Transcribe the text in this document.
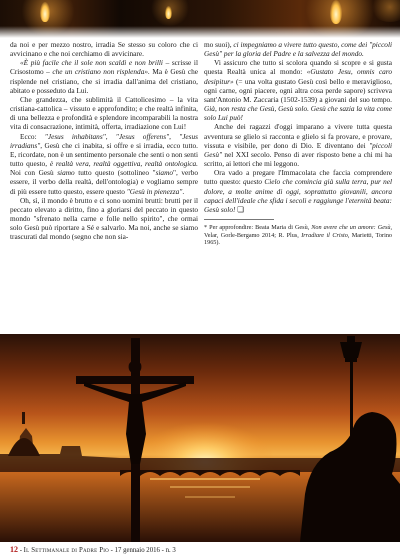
da noi e per mezzo nostro, irradia Se stesso su coloro che ci avvicinano e che noi cerchiamo di avvicinare.

«È più facile che il sole non scaldi e non brilli – scrisse il Crisostomo – che un cristiano non risplenda». Ma è Gesù che risplende nel cristiano, che si irradia dall'anima del cristiano, abitato e posseduto da Lui.

Che grandezza, che sublimità il Cattolicesimo – la vita cristiana-cattolica – vissuto e approfondito; e che realtà infinita, di una bellezza e profondità e splendore incomparabili la nostra vita di consacrazione, intimità, offerta, irradiazione con Lui!

Ecco: "Jesus inhabitans", "Jesus offerens", "Jesus irradians", Gesù che ci inabita, si offre e si irradia, ecco tutto. E, ricordate, non è un sentimento personale che senti o non senti tutto questo, è realtà vera, realtà oggettiva, realtà ontologica. Noi con Gesù siamo tutto questo (sottolineo "siamo", verbo essere, il verbo della realtà, dell'ontologia) e vogliamo sempre di più essere tutto questo, essere questo "Gesù in pienezza".

Oh, sì, il mondo è brutto e ci sono uomini brutti: brutti per il peccato elevato a diritto, fino a gloriarsi del peccato in questo mondo "sfrenato nella carne e folle nello spirito", che ormai solo Gesù può riportare a Sé e salvarlo. Ma noi, anche se siamo trascurati dal mondo (segno che non sia-

mo suoi), ci impegniamo a vivere tutto questo, come dei "piccoli Gesù" per la gloria del Padre e la salvezza del mondo.

Vi assicuro che tutto si scolora quando si scopre e si gusta questa Realtà unica al mondo: «Gustato Jesu, omnis caro desipitur» (= una volta gustato Gesù così bello e meraviglioso, ogni carne, ogni piacere, ogni altra cosa perde sapore) scriveva sant'Antonio M. Zaccaria (1502-1539) a giovani del suo tempo. Già, non resta che Gesù, Gesù solo. Gesù che sazia la vita come solo Lui può!

Anche dei ragazzi d'oggi imparano a vivere tutta questa avventura se glielo si racconta e glielo si fa provare, e provare, vissuta e visibile, per dono di Dio. E diventano dei "piccoli Gesù" nel XXI secolo. Penso di aver risposto bene a chi mi ha scritto, ai lettori che mi leggono.

Ora vado a pregare l'Immacolata che faccia comprendere tutto questo: questo Cielo che comincia già sulla terra, pur nel dolore, a molte anime di oggi, soprattutto giovanili, ancora capaci dell'ideale che sfida i secoli e raggiunge l'eternità beata: Gesù solo! ❏

* Per approfondire: Beata Maria di Gesù, Non avere che un amore: Gesù, Velar, Gorle-Bergamo 2014; R. Plus, Irradiare il Cristo, Marietti, Torino 1965).

12 - Il Settimanale di Padre Pio - 17 gennaio 2016 - n. 3
